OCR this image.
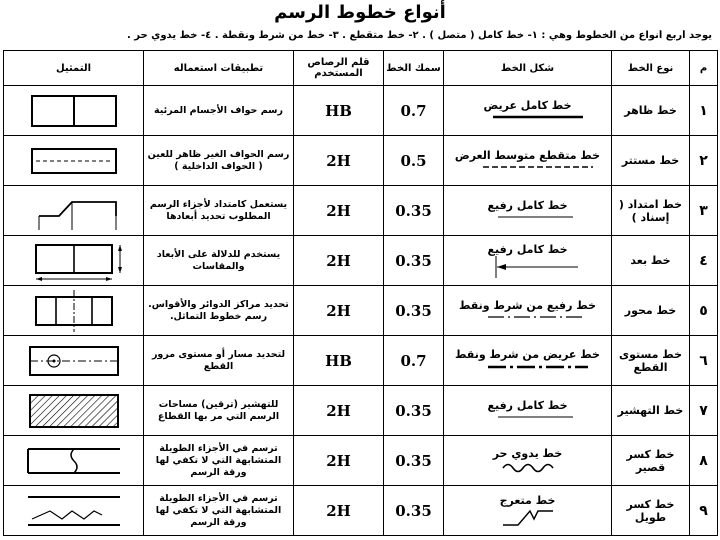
أنواع خطوط الرسم
يوجد أربع أنواع من الخطوط وهي : ١- خط كامل ( متصل ) . ٢- خط متقطع . ٣- خط من شرط ونقطة . ٤- خط يدوي حر .
م	نوع الخط	شكل الخط	سمك الخط	قلم الرصاص المستخدم	تطبيقات استعماله	التمثيل
١	خط ظاهر	خط كامل عريض	0.7	HB	رسم حواف الأجسام المرئية	

٢	خط مستتر	خط متقطع متوسط العرض	0.5	2H	رسم الحواف الغير ظاهر للعين ( الحواف الداخلية )	

٣	خط امتداد ( إسناد )	خط كامل رفيع	0.35	2H	يستعمل كامتداد لأجزاء الرسم المطلوب تحديد أبعادها	

٤	خط بعد	خط كامل رفيع	0.35	2H	يستخدم للدلالة على الأبعاد والمقاسات	

٥	خط محور	خط رفيع من شرط ونقط	0.35	2H	تحديد مراكز الدوائر والأقواس. رسم خطوط التماثل.	

٦	خط مستوى القطع	خط عريض من شرط ونقط	0.7	HB	لتحديد مسار أو مستوى مرور القطع	

٧	خط التهشير	خط كامل رفيع	0.35	2H	للتهشير (ترقين) مساحات الرسم التي مر بها القطاع	

٨	خط كسر قصير	خط يدوي حر	0.35	2H	ترسم في الأجزاء الطويلة المتشابهة التي لا تكفي لها ورقة الرسم	

٩	خط كسر طويل	خط متعرج	0.35	2H	ترسم في الأجزاء الطويلة المتشابهة التي لا تكفي لها ورقة الرسم	
